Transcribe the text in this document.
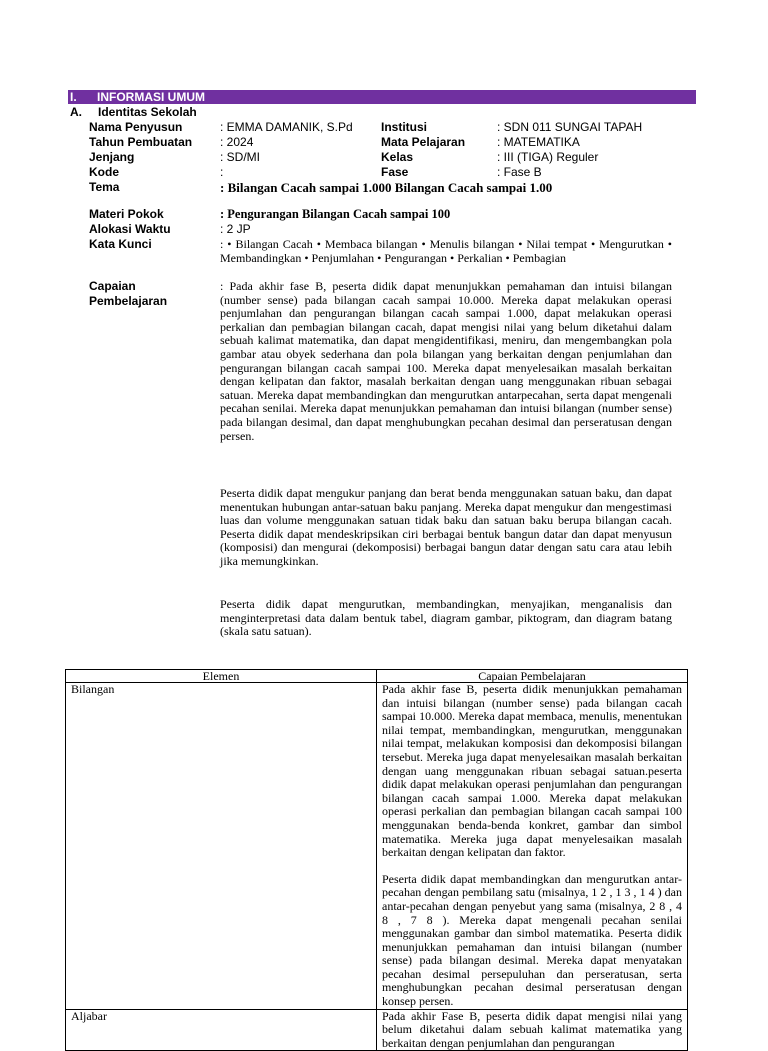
I. INFORMASI UMUM
A. Identitas Sekolah
Nama Penyusun	: EMMA DAMANIK, S.Pd Institusi	: SDN 011 SUNGAI TAPAH
Tahun Pembuatan : 2024	Mata Pelajaran	: MATEMATIKA
Jenjang	: SD/MI	Kelas	: III (TIGA) Reguler
Kode	:	Fase	: Fase B
Tema	: Bilangan Cacah sampai 1.000 Bilangan Cacah sampai 1.00
Materi Pokok	: Pengurangan Bilangan Cacah sampai 100
Alokasi Waktu	: 2 JP
Kata Kunci	: • Bilangan Cacah • Membaca bilangan • Menulis bilangan • Nilai tempat • Mengurutkan • Membandingkan • Penjumlahan • Pengurangan • Perkalian • Pembagian

Capaian
Pembelajaran

: Pada akhir fase B, peserta didik dapat menunjukkan pemahaman dan intuisi bilangan (number sense) pada bilangan cacah sampai 10.000. Mereka dapat melakukan operasi penjumlahan dan pengurangan bilangan cacah sampai 1.000, dapat melakukan operasi perkalian dan pembagian bilangan cacah, dapat mengisi nilai yang belum diketahui dalam sebuah kalimat matematika, dan dapat mengidentifikasi, meniru, dan mengembangkan pola gambar atau obyek sederhana dan pola bilangan yang berkaitan dengan penjumlahan dan pengurangan bilangan cacah sampai 100. Mereka dapat menyelesaikan masalah berkaitan dengan kelipatan dan faktor, masalah berkaitan dengan uang menggunakan ribuan sebagai satuan. Mereka dapat membandingkan dan mengurutkan antarpecahan, serta dapat mengenali pecahan senilai. Mereka dapat menunjukkan pemahaman dan intuisi bilangan (number sense) pada bilangan desimal, dan dapat menghubungkan pecahan desimal dan perseratusan dengan persen.

Peserta didik dapat mengukur panjang dan berat benda menggunakan satuan baku, dan dapat menentukan hubungan antar-satuan baku panjang. Mereka dapat mengukur dan mengestimasi luas dan volume menggunakan satuan tidak baku dan satuan baku berupa bilangan cacah. Peserta didik dapat mendeskripsikan ciri berbagai bentuk bangun datar dan dapat menyusun (komposisi) dan mengurai (dekomposisi) berbagai bangun datar dengan satu cara atau lebih jika memungkinkan.

Peserta didik dapat mengurutkan, membandingkan, menyajikan, menganalisis dan menginterpretasi data dalam bentuk tabel, diagram gambar, piktogram, dan diagram batang (skala satu satuan).

Elemen	Capaian Pembelajaran
Bilangan	Pada akhir fase B, peserta didik menunjukkan pemahaman dan intuisi bilangan (number sense) pada bilangan cacah sampai 10.000. Mereka dapat membaca, menulis, menentukan nilai tempat, membandingkan, mengurutkan, menggunakan nilai tempat, melakukan komposisi dan dekomposisi bilangan tersebut. Mereka juga dapat menyelesaikan masalah berkaitan dengan uang menggunakan ribuan sebagai satuan.peserta didik dapat melakukan operasi penjumlahan dan pengurangan bilangan cacah sampai 1.000. Mereka dapat melakukan operasi perkalian dan pembagian bilangan cacah sampai 100 menggunakan benda-benda konkret, gambar dan simbol matematika. Mereka juga dapat menyelesaikan masalah berkaitan dengan kelipatan dan faktor.

Peserta didik dapat membandingkan dan mengurutkan antar-pecahan dengan pembilang satu (misalnya, 1 2 , 1 3 , 1 4 ) dan antar-pecahan dengan penyebut yang sama (misalnya, 2 8 , 4 8 , 7 8 ). Mereka dapat mengenali pecahan senilai menggunakan gambar dan simbol matematika. Peserta didik menunjukkan pemahaman dan intuisi bilangan (number sense) pada bilangan desimal. Mereka dapat menyatakan pecahan desimal persepuluhan dan perseratusan, serta menghubungkan pecahan desimal perseratusan dengan konsep persen.

Aljabar	Pada akhir Fase B, peserta didik dapat mengisi nilai yang belum diketahui dalam sebuah kalimat matematika yang berkaitan dengan penjumlahan dan pengurangan
